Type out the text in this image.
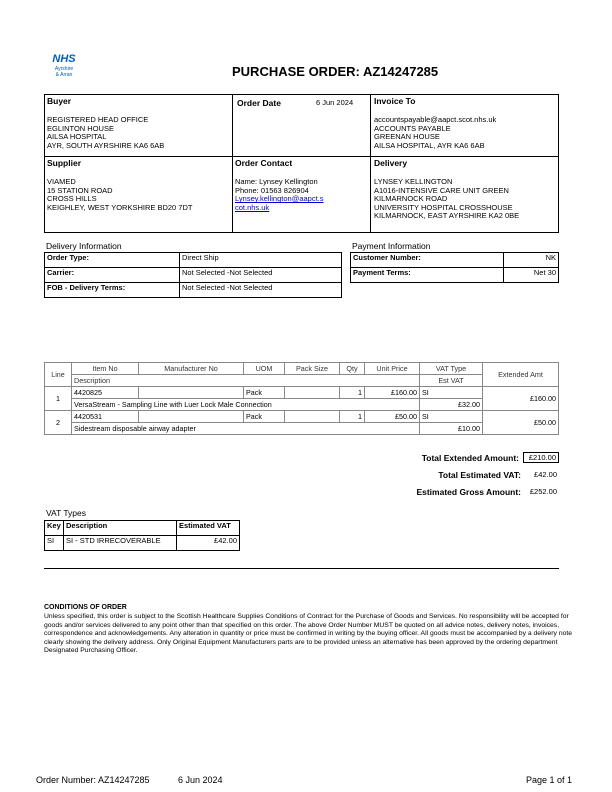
NHS
Ayrshire
& Arran	PURCHASE ORDER: AZ14247285
Buyer
REGISTERED HEAD OFFICE
EGLINTON HOUSE
AILSA HOSPITAL
AYR, SOUTH AYRSHIRE KA6 6AB
Order Date	6 Jun 2024 Invoice To
accountspayable@aapct.scot.nhs.uk
ACCOUNTS PAYABLE
GREENAN HOUSE
AILSA HOSPITAL, AYR KA6 6AB
Supplier
VIAMED
15 STATION ROAD
CROSS HILLS
KEIGHLEY, WEST YORKSHIRE BD20 7DT
Order Contact
Name: Lynsey Kellington
Phone: 01563 826904
Lynsey.kellington@aapct.s
cot.nhs.uk
Delivery
LYNSEY KELLINGTON
A1016-INTENSIVE CARE UNIT GREEN
KILMARNOCK ROAD
UNIVERSITY HOSPITAL CROSSHOUSE
KILMARNOCK, EAST AYRSHIRE KA2 0BE
Delivery Information
Order Type:	Direct Ship
Carrier:	Not Selected -Not Selected
FOB - Delivery Terms:	Not Selected -Not Selected
Payment Information
Customer Number:	NK
Payment Terms:	Net 30
Line	Item No	Manufacturer No	UOM	Pack Size	Qty	Unit Price	VAT Type	Extended Amt
	Description						Est VAT	
1	4420825		Pack		1	£160.00	SI	£160.00
	VersaStream - Sampling Line with Luer Lock Male Connection						£32.00	
2	4420531		Pack		1	£50.00	SI	£50.00
	Sidestream disposable airway adapter						£10.00	
Total Extended Amount:	£210.00
Total Estimated VAT:	£42.00
Estimated Gross Amount:	£252.00
VAT Types
Key	Description	Estimated VAT
SI	SI - STD IRRECOVERABLE	£42.00
CONDITIONS OF ORDER
Unless specified, this order is subject to the Scottish Healthcare Supplies Conditions of Contract for the Purchase of Goods and Services. No responsibility will be accepted for goods and/or services delivered to any point other than that specified on this order. The above Order Number MUST be quoted on all advice notes, delivery notes, invoices, correspondence and acknowledgements. Any alteration in quantity or price must be confirmed in writing by the buying officer. All goods must be accompanied by a delivery note clearly showing the delivery address. Only Original Equipment Manufacturers parts are to be provided unless an alternative has been approved by the ordering department Designated Purchasing Officer.
Order Number: AZ14247285	6 Jun 2024	Page 1 of 1
